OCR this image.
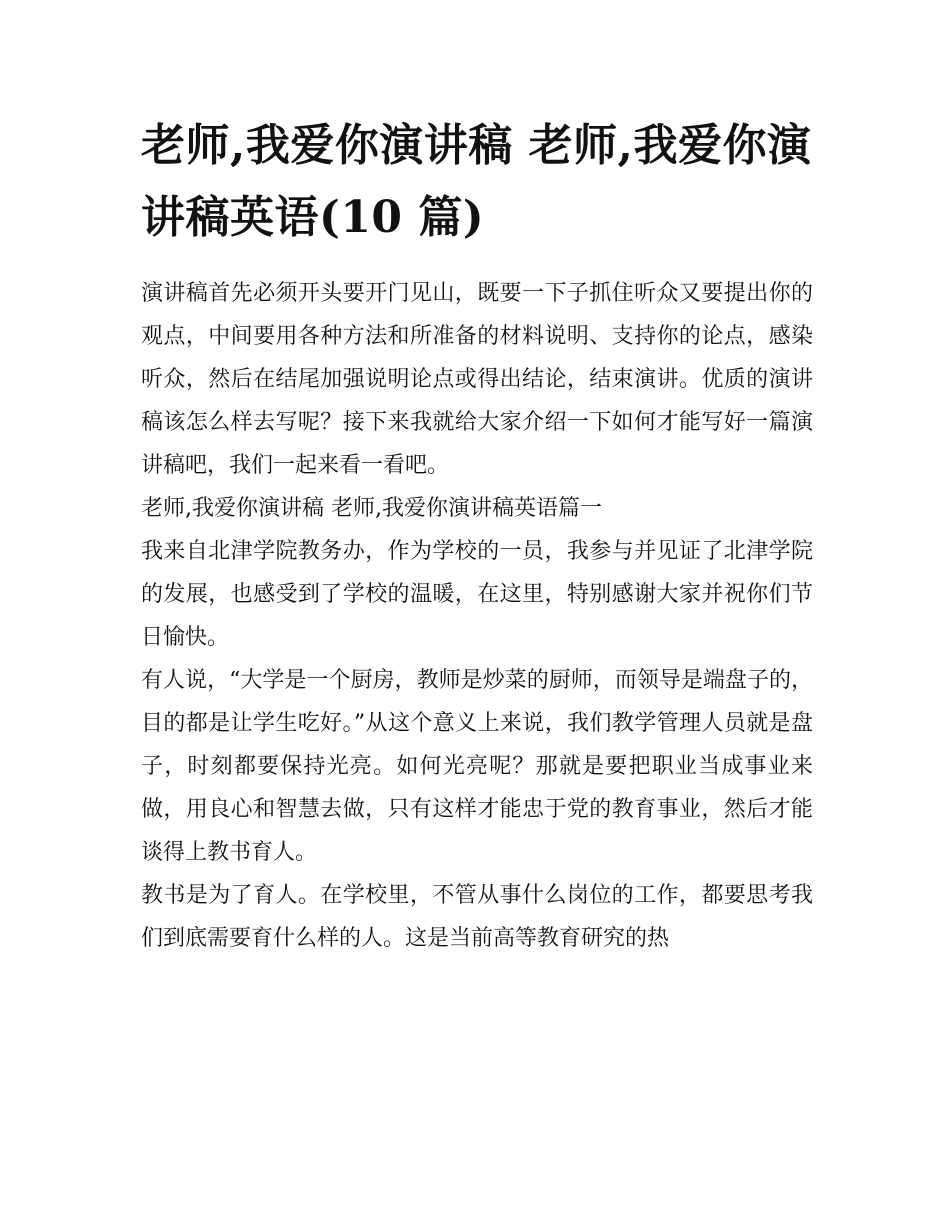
老师,我爱你演讲稿 老师,我爱你演讲稿英语(10 篇)

演讲稿首先必须开头要开门见山，既要一下子抓住听众又要提出你的观点，中间要用各种方法和所准备的材料说明、支持你的论点，感染听众，然后在结尾加强说明论点或得出结论，结束演讲。优质的演讲稿该怎么样去写呢？接下来我就给大家介绍一下如何才能写好一篇演讲稿吧，我们一起来看一看吧。

老师,我爱你演讲稿 老师,我爱你演讲稿英语篇一

我来自北津学院教务办，作为学校的一员，我参与并见证了北津学院的发展，也感受到了学校的温暖，在这里，特别感谢大家并祝你们节日愉快。

有人说，“大学是一个厨房，教师是炒菜的厨师，而领导是端盘子的，目的都是让学生吃好。”从这个意义上来说，我们教学管理人员就是盘子，时刻都要保持光亮。如何光亮呢？那就是要把职业当成事业来做，用良心和智慧去做，只有这样才能忠于党的教育事业，然后才能谈得上教书育人。

教书是为了育人。在学校里，不管从事什么岗位的工作，都要思考我们到底需要育什么样的人。这是当前高等教育研究的热
